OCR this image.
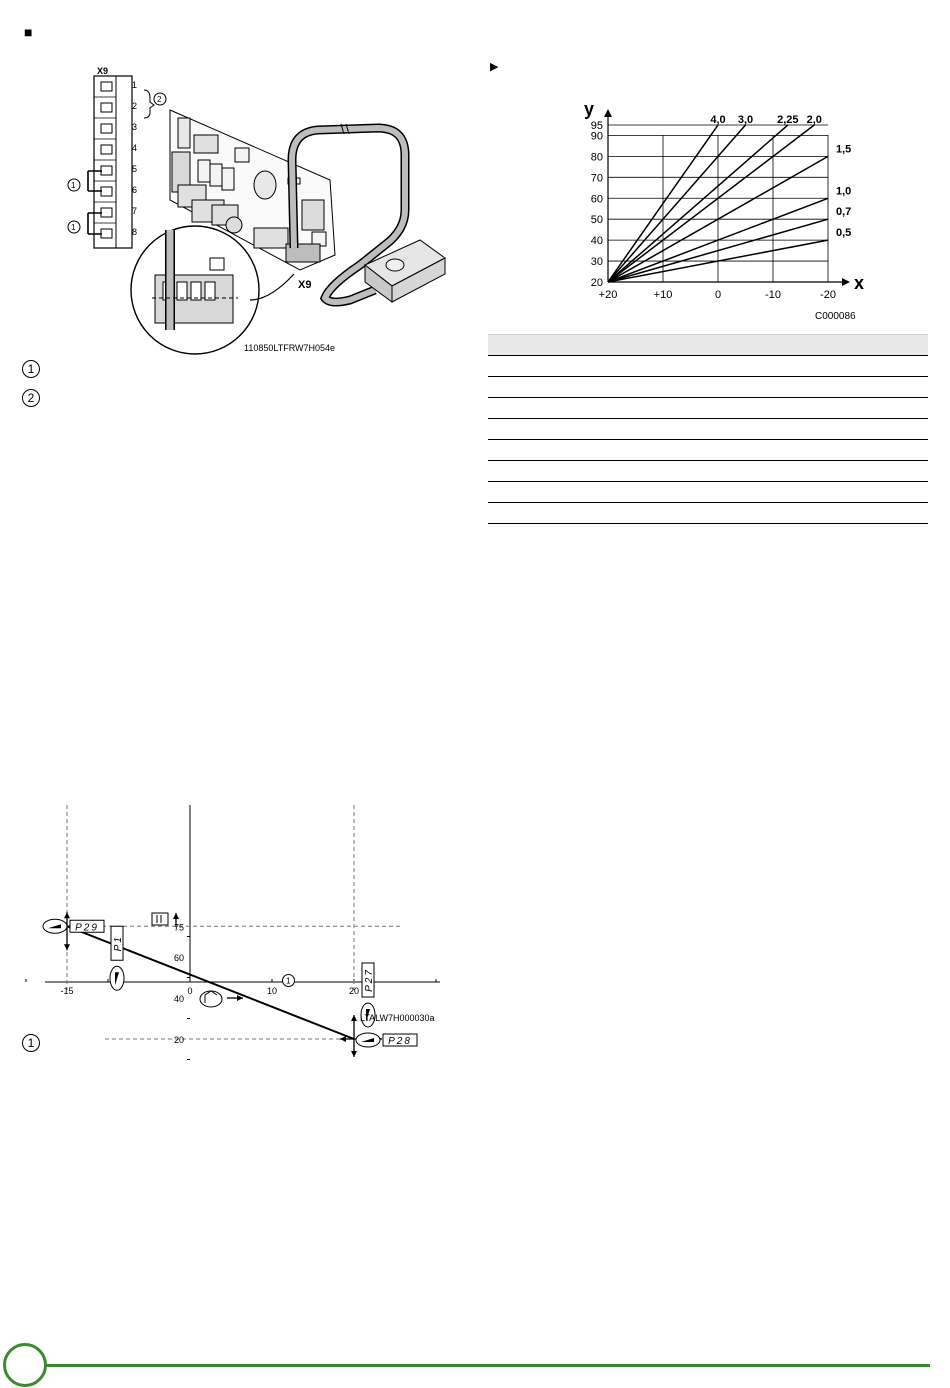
■
▶
X9
1
1
2
X9
1
2
3
4
5
6
7
8
110850LTFRW7H054e
1
2
y
x
20
30
40
50
60
70
80
90
95
+20	+10	0	-10	-20
4,0 3,0 2,25 2,0
1,5
1,0
0,7
0,5
C000086

20
40
60
75
-15	0	10	20
1
P29
P1
P28
P27
LTALW7H000030a
1
